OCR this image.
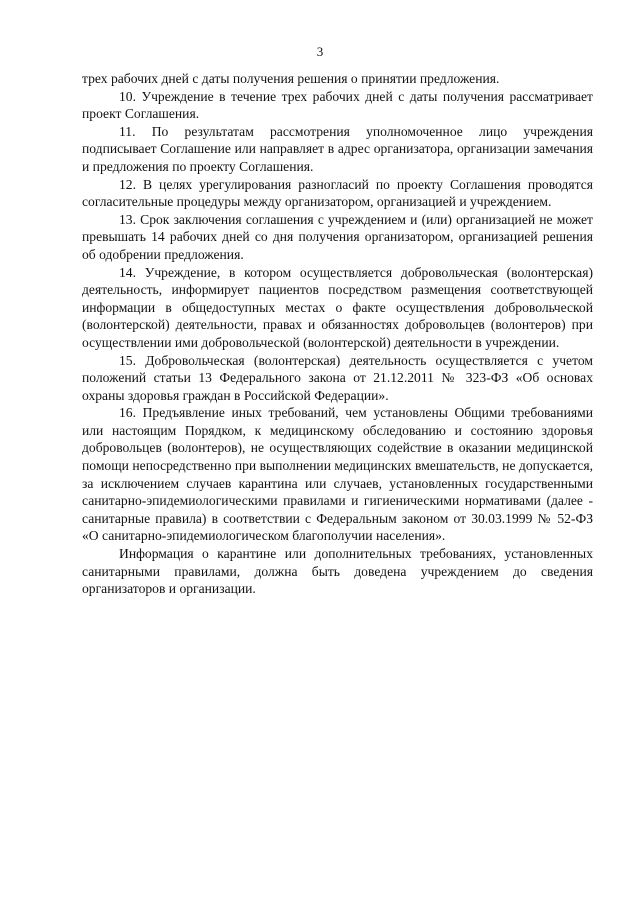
3

трех рабочих дней с даты получения решения о принятии предложения.

10. Учреждение в течение трех рабочих дней с даты получения рассматривает проект Соглашения.

11. По результатам рассмотрения уполномоченное лицо учреждения подписывает Соглашение или направляет в адрес организатора, организации замечания и предложения по проекту Соглашения.

12. В целях урегулирования разногласий по проекту Соглашения проводятся согласительные процедуры между организатором, организацией и учреждением.

13. Срок заключения соглашения с учреждением и (или) организацией не может превышать 14 рабочих дней со дня получения организатором, организацией решения об одобрении предложения.

14. Учреждение, в котором осуществляется добровольческая (волонтерская) деятельность, информирует пациентов посредством размещения соответствующей информации в общедоступных местах о факте осуществления добровольческой (волонтерской) деятельности, правах и обязанностях добровольцев (волонтеров) при осуществлении ими добровольческой (волонтерской) деятельности в учреждении.

15. Добровольческая (волонтерская) деятельность осуществляется с учетом положений статьи 13 Федерального закона от 21.12.2011 № 323-ФЗ «Об основах охраны здоровья граждан в Российской Федерации».

16. Предъявление иных требований, чем установлены Общими требованиями или настоящим Порядком, к медицинскому обследованию и состоянию здоровья добровольцев (волонтеров), не осуществляющих содействие в оказании медицинской помощи непосредственно при выполнении медицинских вмешательств, не допускается, за исключением случаев карантина или случаев, установленных государственными санитарно-эпидемиологическими правилами и гигиеническими нормативами (далее - санитарные правила) в соответствии с Федеральным законом от 30.03.1999 № 52-ФЗ «О санитарно-эпидемиологическом благополучии населения».

Информация о карантине или дополнительных требованиях, установленных санитарными правилами, должна быть доведена учреждением до сведения организаторов и организации.
